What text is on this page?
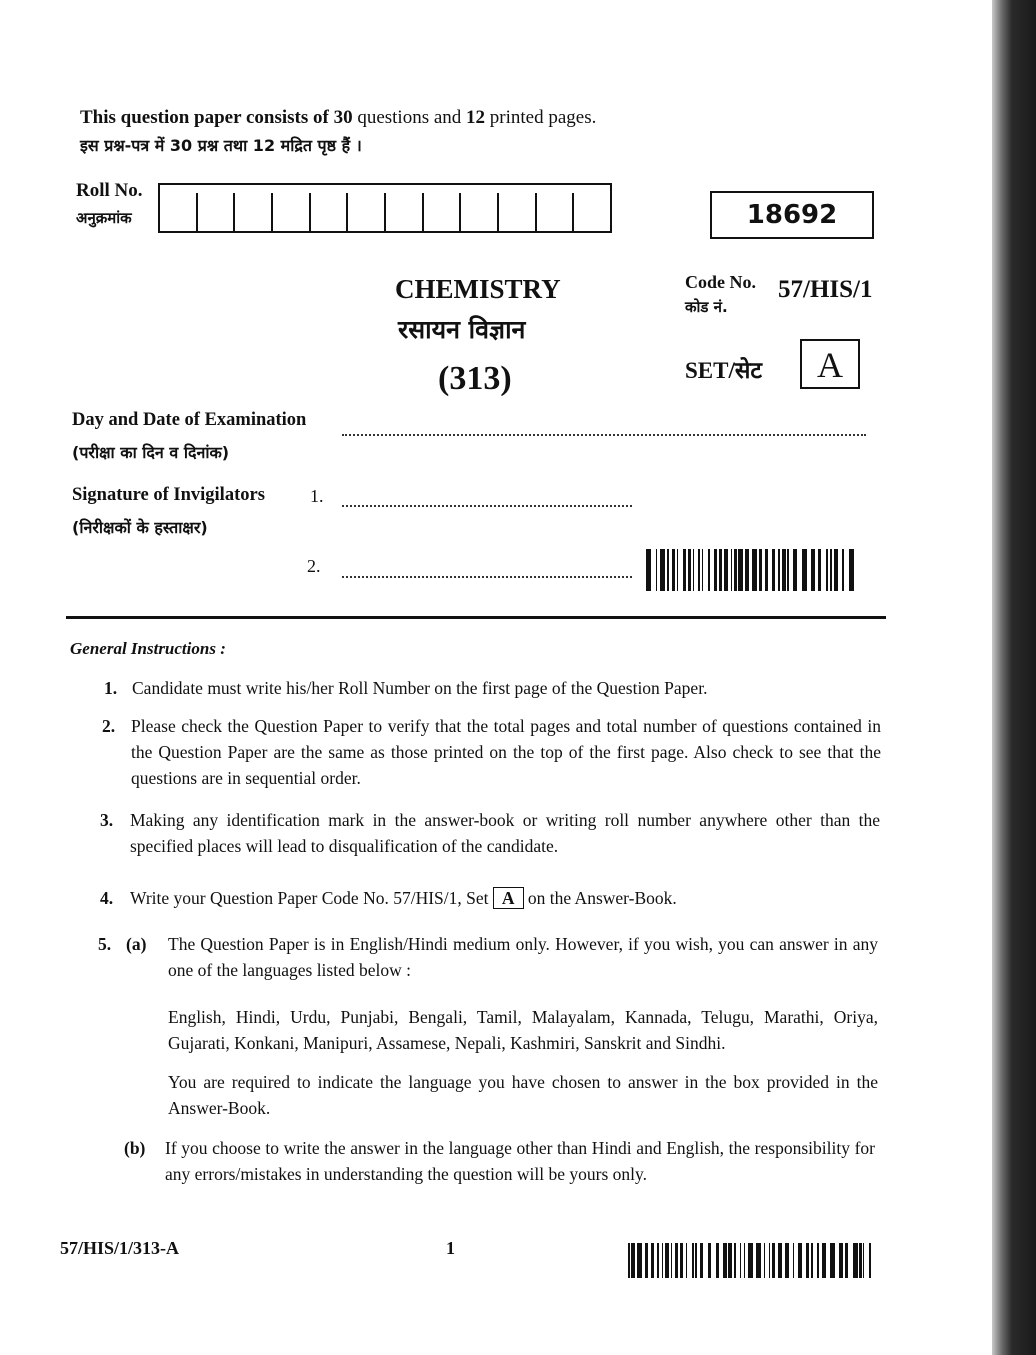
This question paper consists of 30 questions and 12 printed pages.
इस प्रश्न-पत्र में 30 प्रश्न तथा 12 मद्रित पृष्ठ हैं ।
Roll No.
अनुक्रमांक	18692
CHEMISTRY
रसायन विज्ञान
(313)
Code No.
कोड नं.
57/HIS/1
SET/सेट	A
Day and Date of Examination
(परीक्षा का दिन व दिनांक)
Signature of Invigilators
(निरीक्षकों के हस्ताक्षर)
1.
2.
General Instructions :
1. Candidate must write his/her Roll Number on the first page of the Question Paper.
2. Please check the Question Paper to verify that the total pages and total number of questions contained in the Question Paper are the same as those printed on the top of the first page. Also check to see that the questions are in sequential order.
3. Making any identification mark in the answer-book or writing roll number anywhere other than the specified places will lead to disqualification of the candidate.
4. Write your Question Paper Code No. 57/HIS/1, Set A on the Answer-Book.
5. (a) The Question Paper is in English/Hindi medium only. However, if you wish, you can answer in any one of the languages listed below :
English, Hindi, Urdu, Punjabi, Bengali, Tamil, Malayalam, Kannada, Telugu, Marathi, Oriya, Gujarati, Konkani, Manipuri, Assamese, Nepali, Kashmiri, Sanskrit and Sindhi.
You are required to indicate the language you have chosen to answer in the box provided in the Answer-Book.
(b) If you choose to write the answer in the language other than Hindi and English, the responsibility for any errors/mistakes in understanding the question will be yours only.
57/HIS/1/313-A	1
